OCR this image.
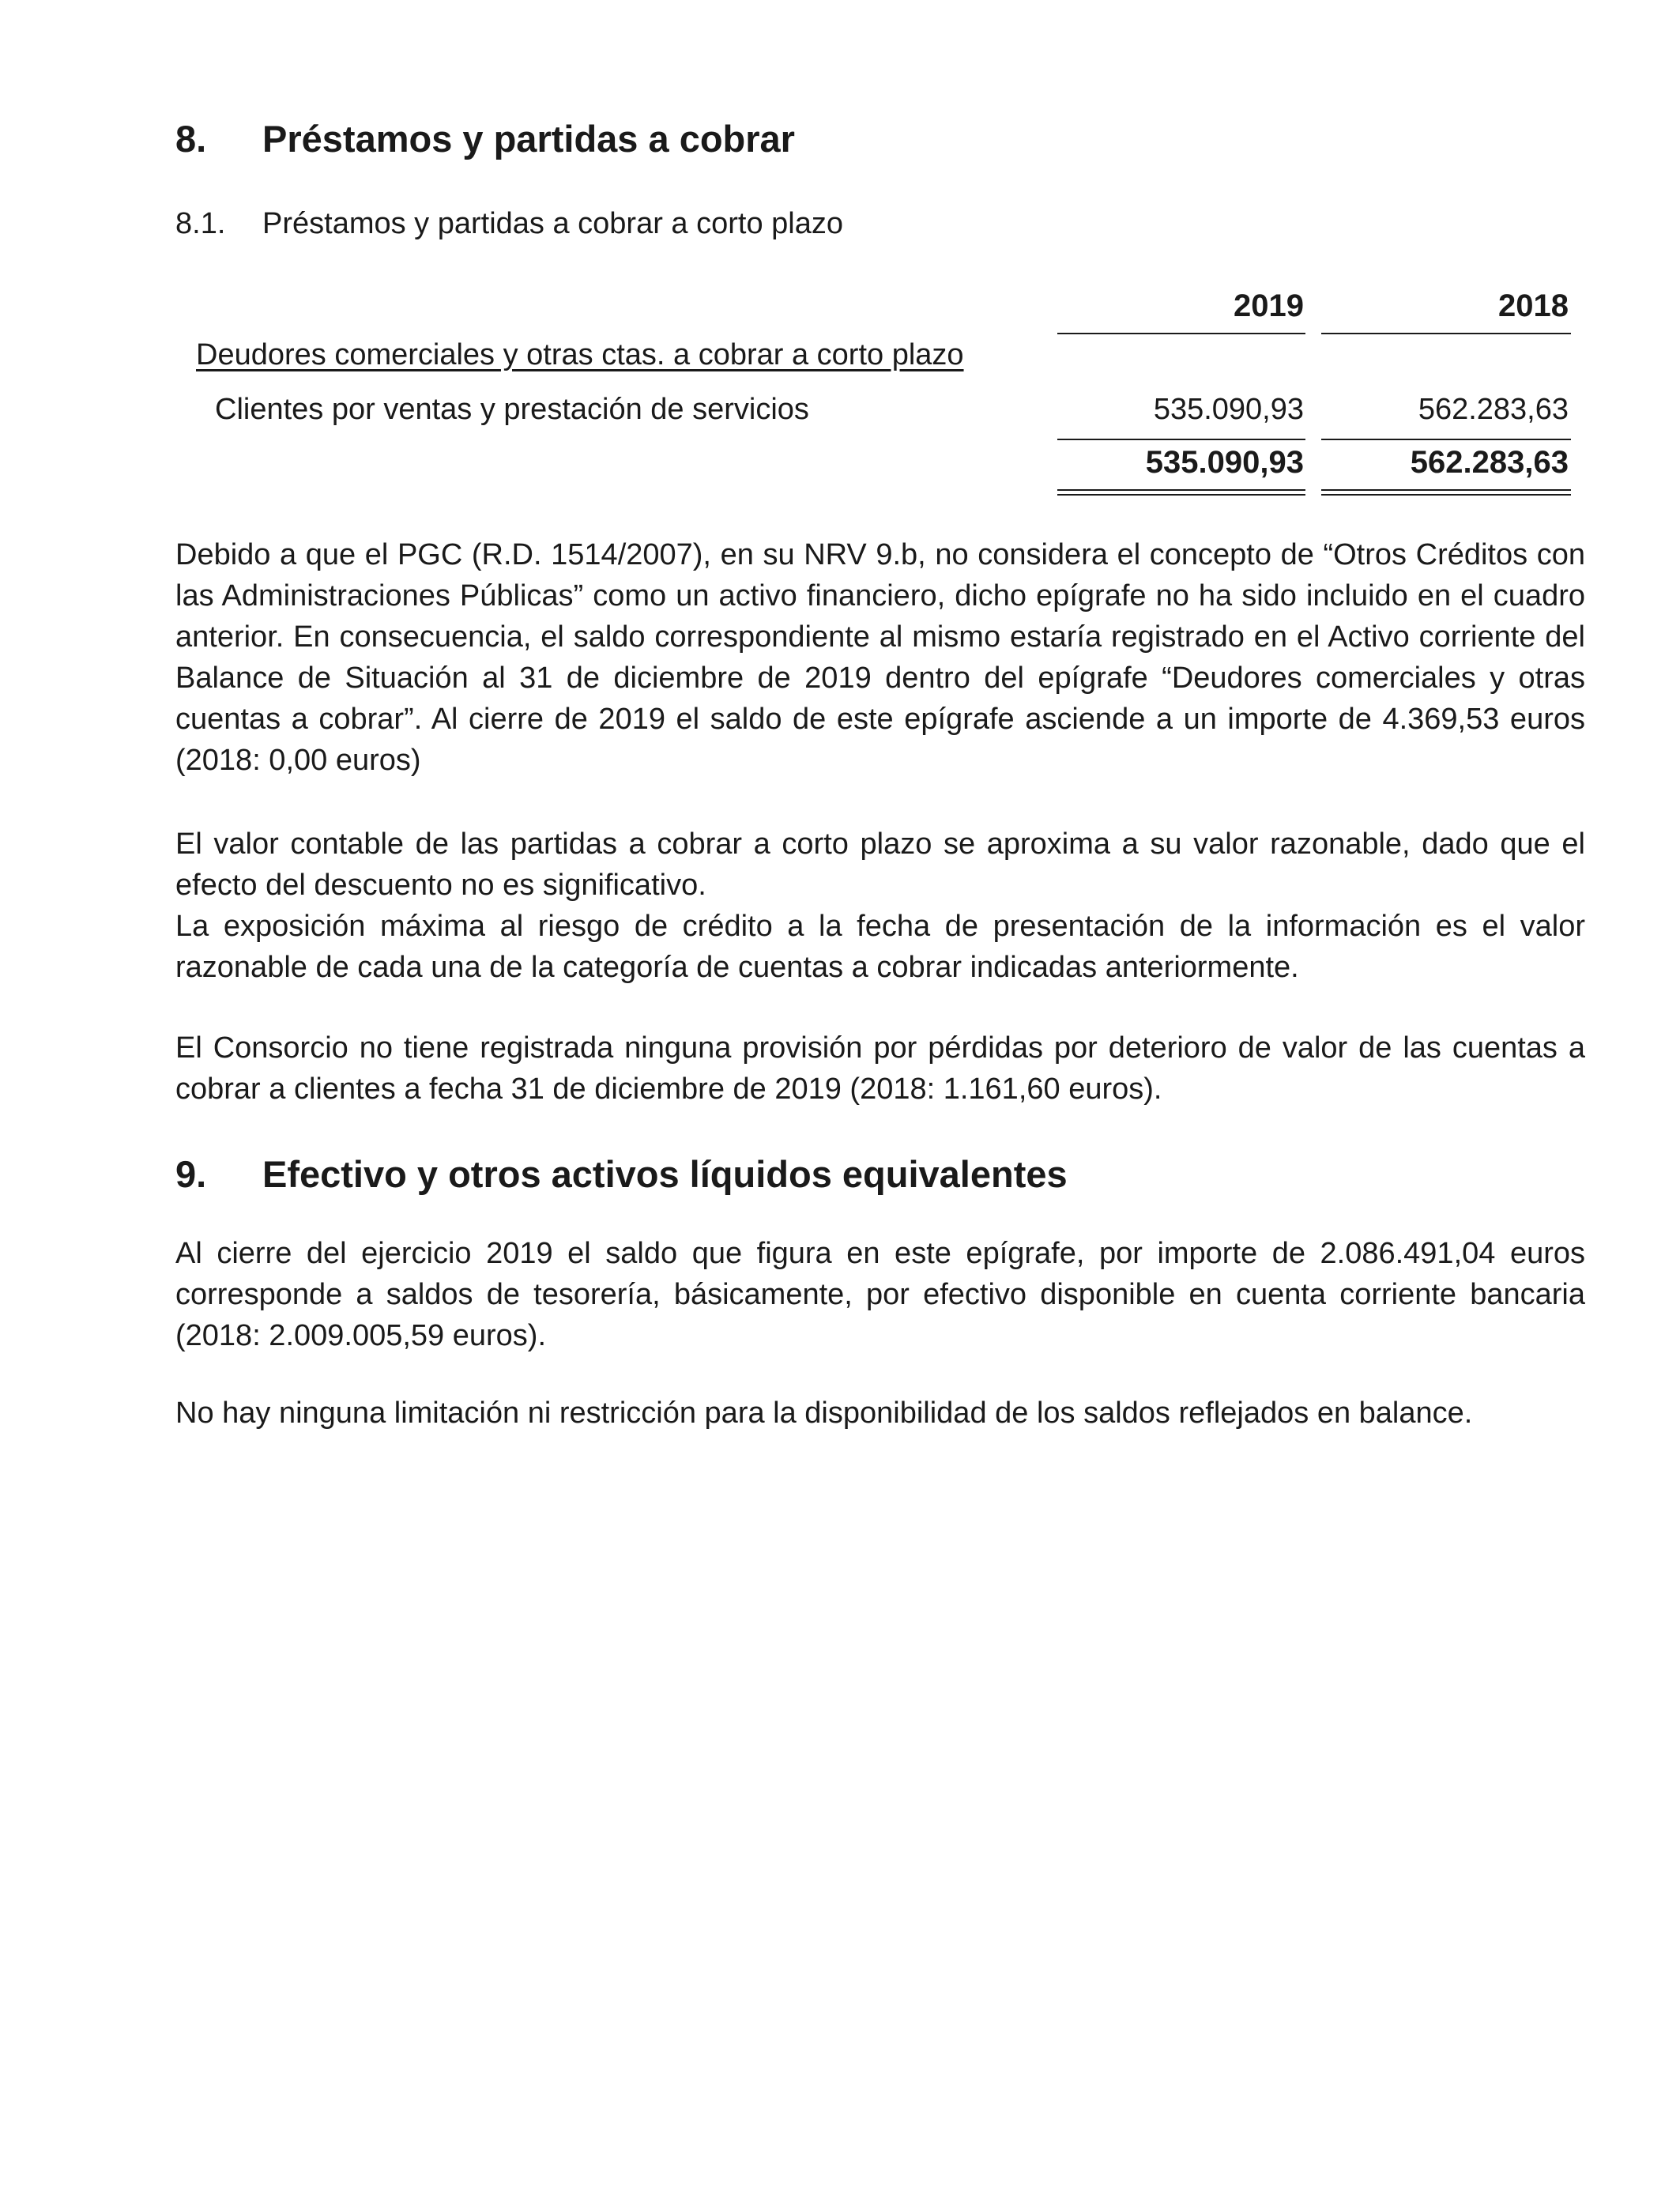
8. Préstamos y partidas a cobrar
8.1. Préstamos y partidas a cobrar a corto plazo
2019	2018
Deudores comerciales y otras ctas. a cobrar a corto plazo
Clientes por ventas y prestación de servicios	535.090,93	562.283,63
535.090,93	562.283,63

Debido a que el PGC (R.D. 1514/2007), en su NRV 9.b, no considera el concepto de “Otros Créditos con las Administraciones Públicas” como un activo financiero, dicho epígrafe no ha sido incluido en el cuadro anterior. En consecuencia, el saldo correspondiente al mismo estaría registrado en el Activo corriente del Balance de Situación al 31 de diciembre de 2019 dentro del epígrafe “Deudores comerciales y otras cuentas a cobrar”. Al cierre de 2019 el saldo de este epígrafe asciende a un importe de 4.369,53 euros (2018: 0,00 euros)

El valor contable de las partidas a cobrar a corto plazo se aproxima a su valor razonable, dado que el efecto del descuento no es significativo.

La exposición máxima al riesgo de crédito a la fecha de presentación de la información es el valor razonable de cada una de la categoría de cuentas a cobrar indicadas anteriormente.

El Consorcio no tiene registrada ninguna provisión por pérdidas por deterioro de valor de las cuentas a cobrar a clientes a fecha 31 de diciembre de 2019 (2018: 1.161,60 euros).

9. Efectivo y otros activos líquidos equivalentes

Al cierre del ejercicio 2019 el saldo que figura en este epígrafe, por importe de 2.086.491,04 euros corresponde a saldos de tesorería, básicamente, por efectivo disponible en cuenta corriente bancaria (2018: 2.009.005,59 euros).

No hay ninguna limitación ni restricción para la disponibilidad de los saldos reflejados en balance.
